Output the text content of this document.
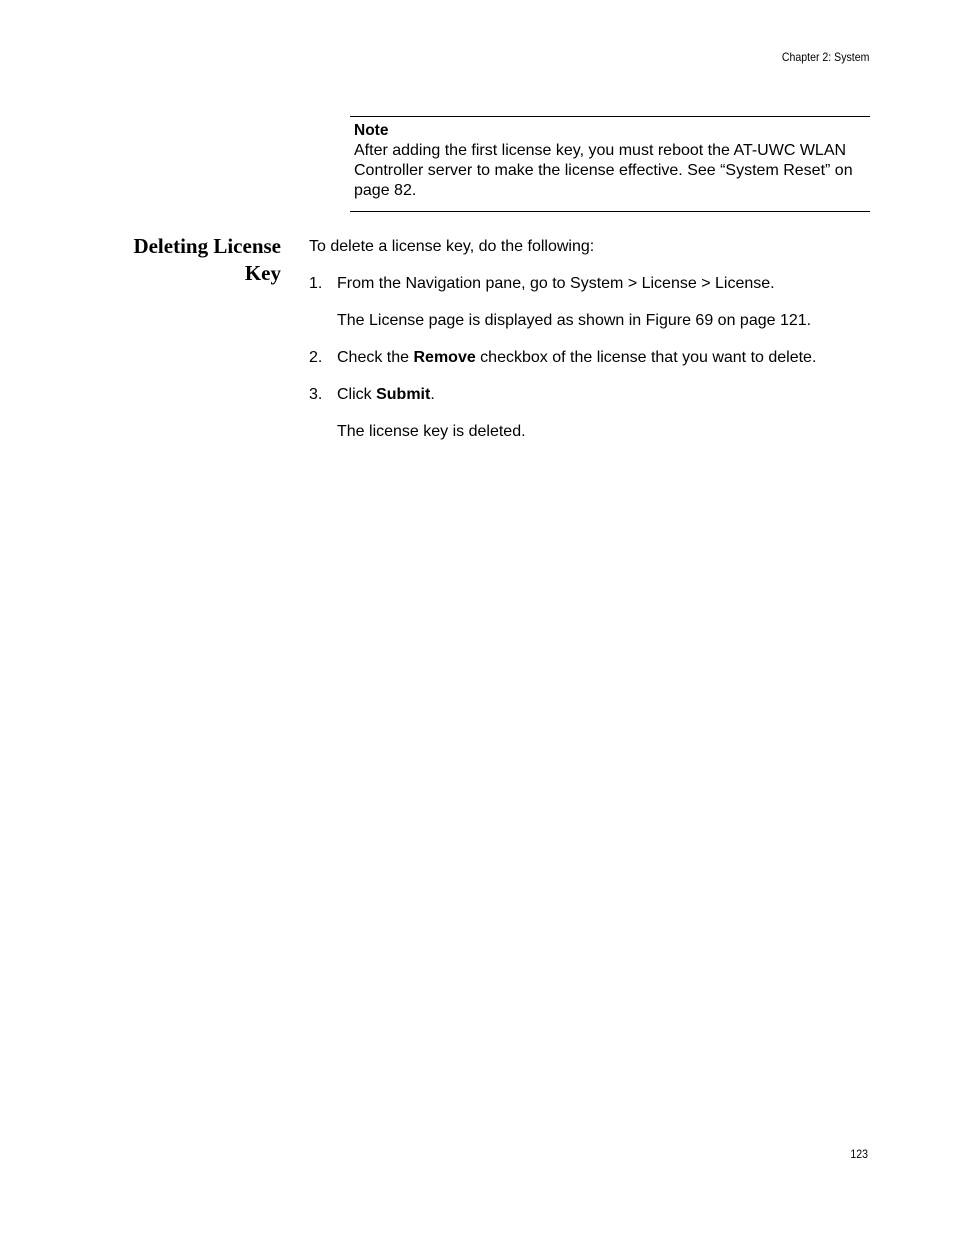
Chapter 2: System
Note
After adding the first license key, you must reboot the AT-UWC WLAN Controller server to make the license effective. See “System Reset” on page 82.
Deleting License
Key

To delete a license key, do the following:

1. From the Navigation pane, go to System > License > License.

The License page is displayed as shown in Figure 69 on page 121.

2. Check the Remove checkbox of the license that you want to delete.
3. Click Submit.

The license key is deleted.

123
